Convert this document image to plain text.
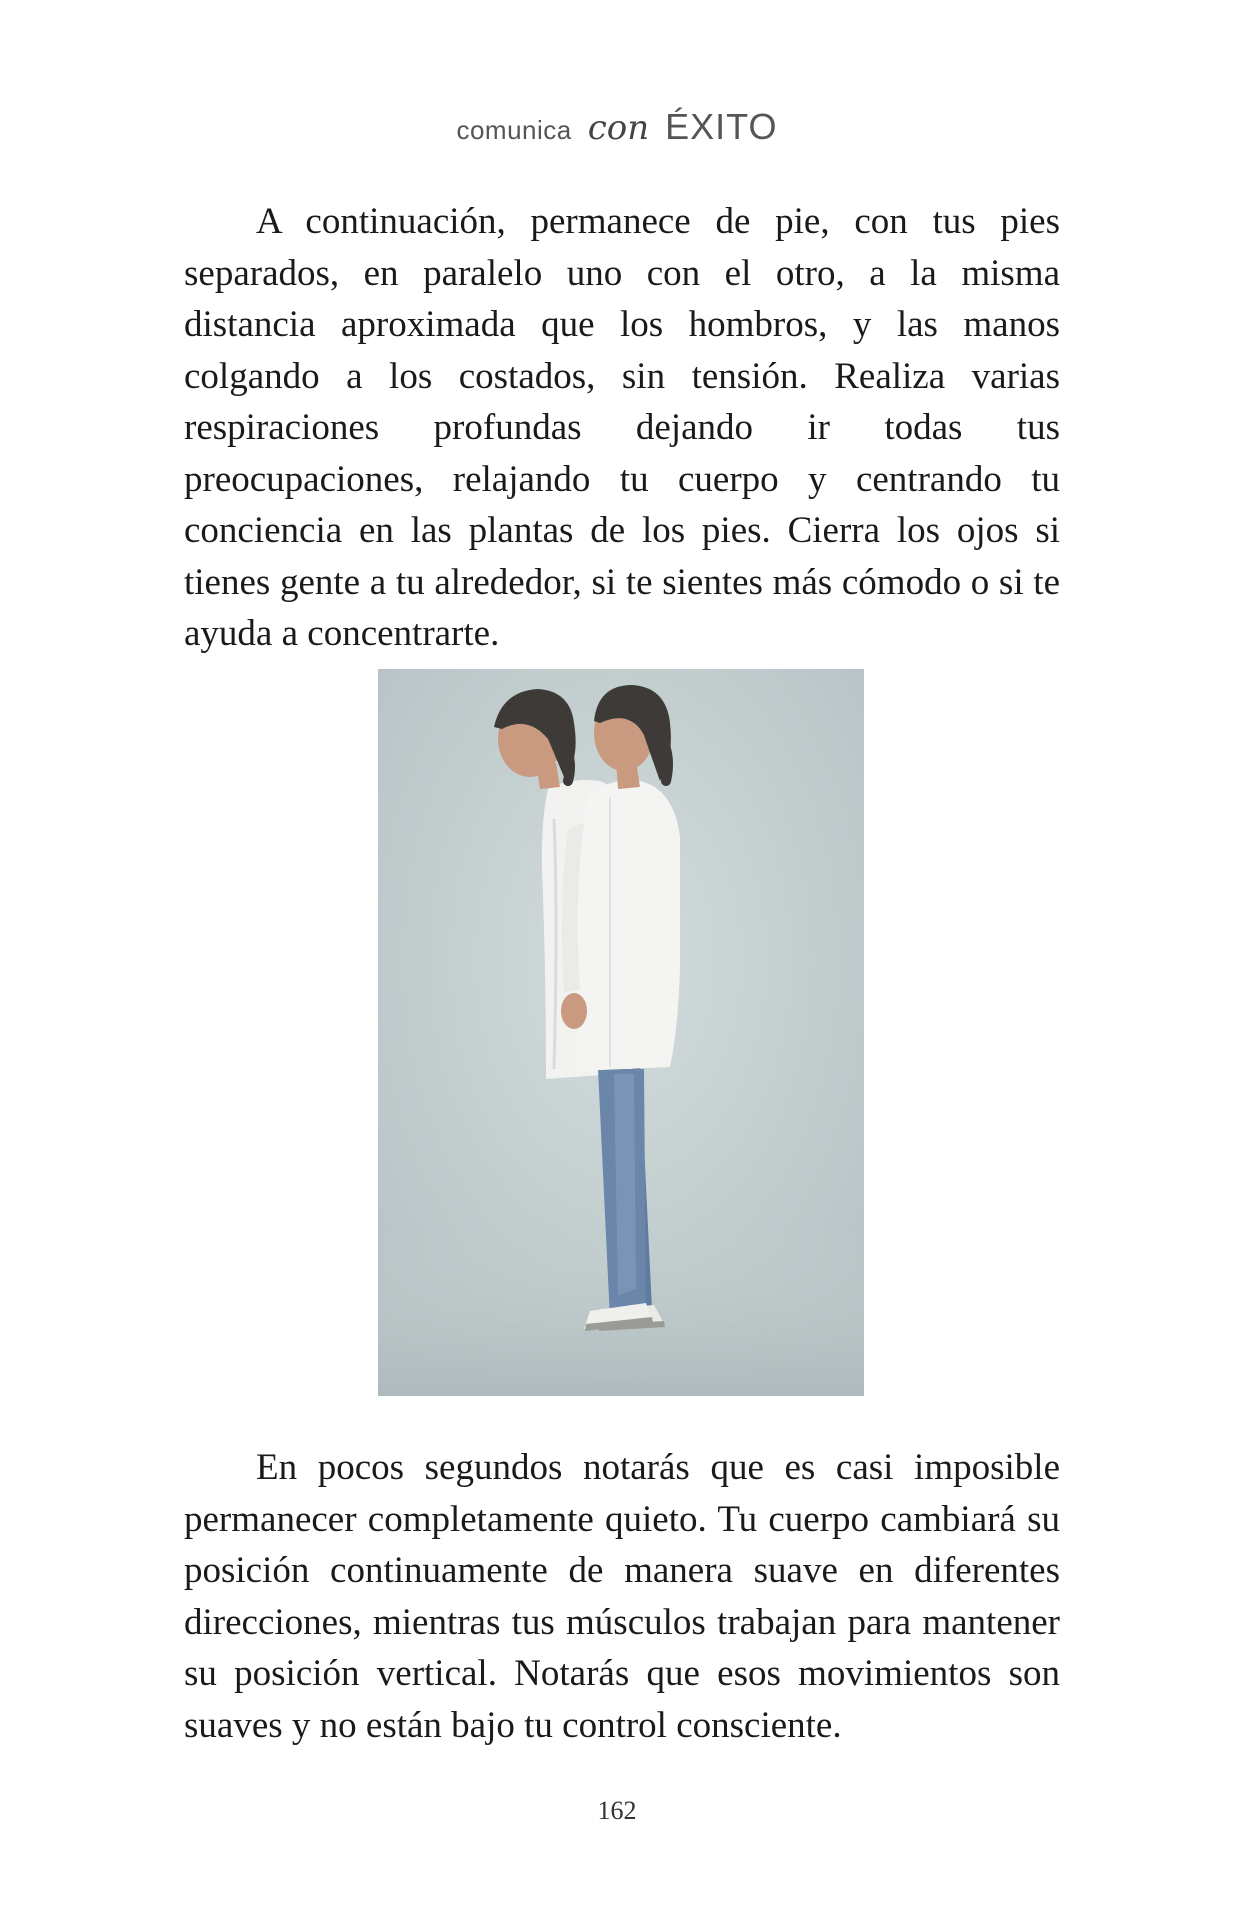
comunica con ÉXITO

A continuación, permanece de pie, con tus pies separados, en paralelo uno con el otro, a la misma distancia aproximada que los hombros, y las manos colgando a los costados, sin tensión. Realiza varias respiraciones profundas dejando ir todas tus preocupaciones, relajando tu cuerpo y centrando tu conciencia en las plantas de los pies. Cierra los ojos si tienes gente a tu alrededor, si te sientes más cómodo o si te ayuda a concentrarte.

En pocos segundos notarás que es casi imposible permanecer completamente quieto. Tu cuerpo cambiará su posición continuamente de manera suave en diferentes direcciones, mientras tus músculos trabajan para mantener su posición vertical. Notarás que esos movimientos son suaves y no están bajo tu control consciente.

162
